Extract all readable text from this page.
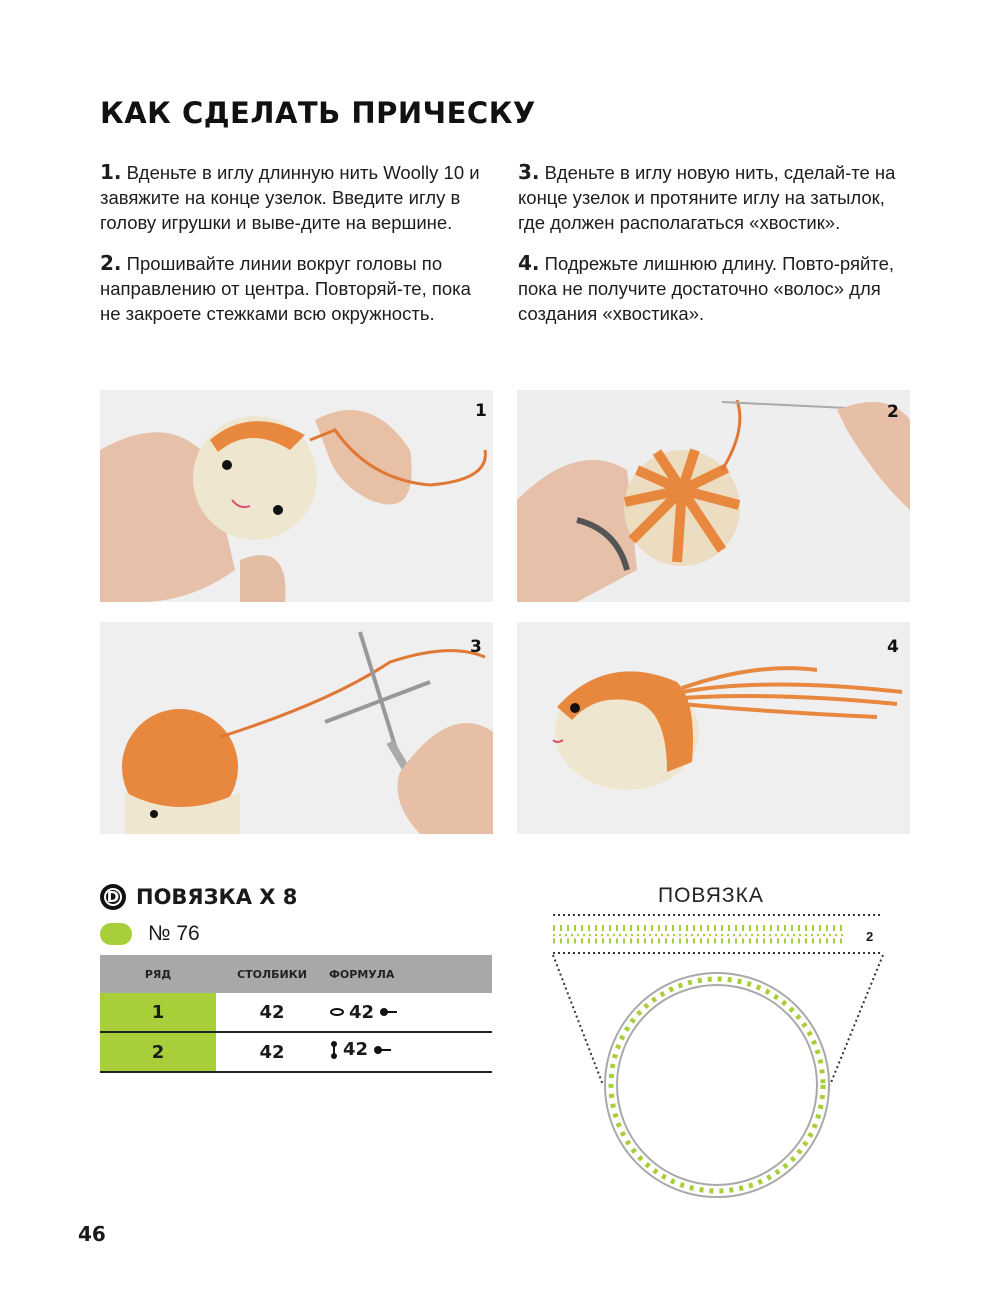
КАК СДЕЛАТЬ ПРИЧЕСКУ

1. Вденьте в иглу длинную нить Woolly 10 и завяжите на конце узелок. Введите иглу в голову игрушки и выве-дите на вершине.

2. Прошивайте линии вокруг головы по направлению от центра. Повторяй-те, пока не закроете стежками всю окружность.

3. Вденьте в иглу новую нить, сделай-те на конце узелок и протяните иглу на затылок, где должен располагаться «хвостик».

4. Подрежьте лишнюю длину. Повто-ряйте, пока не получите достаточно «волос» для создания «хвостика».

1	2
3	4
D ПОВЯЗКА X 8
№ 76
РЯД	СТОЛБИКИ	ФОРМУЛА
1	42	42

2	42	42
ПОВЯЗКА
2
46
